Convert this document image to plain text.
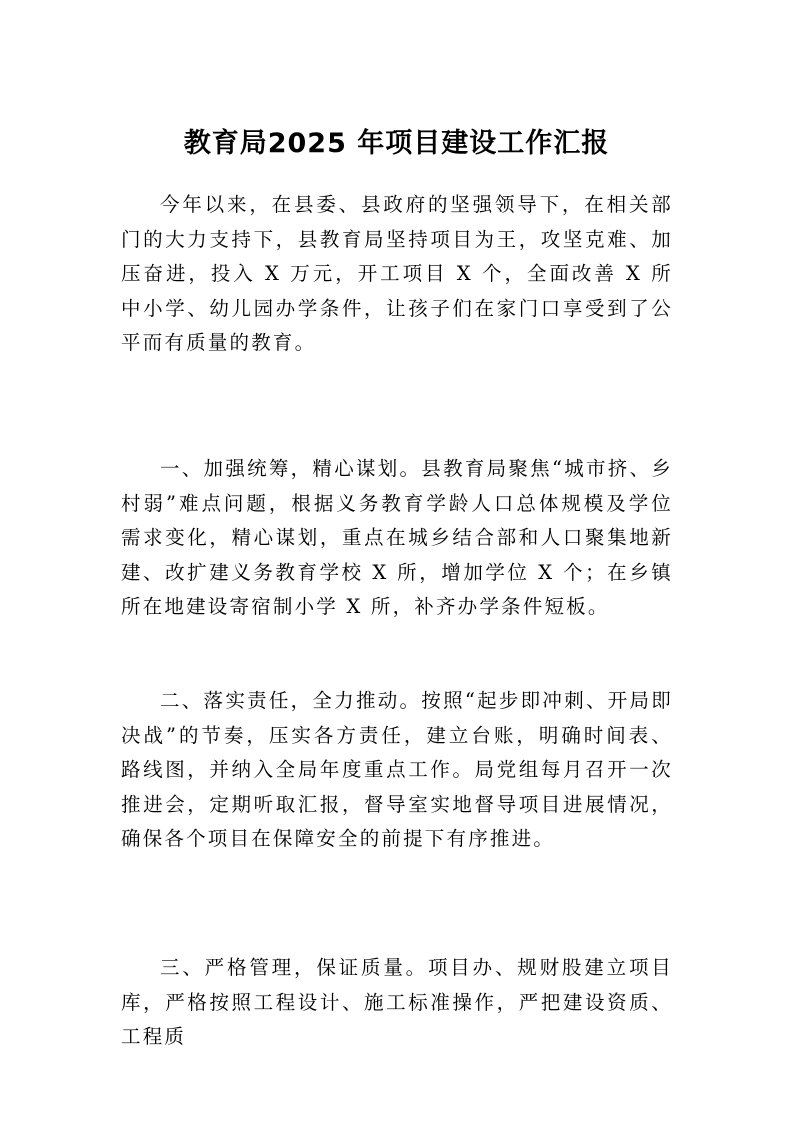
教育局2025 年项目建设工作汇报

今年以来，在县委、县政府的坚强领导下，在相关部门的大力支持下，县教育局坚持项目为王，攻坚克难、加压奋进，投入 X 万元，开工项目 X 个，全面改善 X 所中小学、幼儿园办学条件，让孩子们在家门口享受到了公平而有质量的教育。

一、加强统筹，精心谋划。县教育局聚焦“城市挤、乡村弱”难点问题，根据义务教育学龄人口总体规模及学位需求变化，精心谋划，重点在城乡结合部和人口聚集地新建、改扩建义务教育学校 X 所，增加学位 X 个；在乡镇所在地建设寄宿制小学 X 所，补齐办学条件短板。

二、落实责任，全力推动。按照“起步即冲刺、开局即决战”的节奏，压实各方责任，建立台账，明确时间表、路线图，并纳入全局年度重点工作。局党组每月召开一次推进会，定期听取汇报，督导室实地督导项目进展情况，确保各个项目在保障安全的前提下有序推进。

三、严格管理，保证质量。项目办、规财股建立项目库，严格按照工程设计、施工标准操作，严把建设资质、工程质
